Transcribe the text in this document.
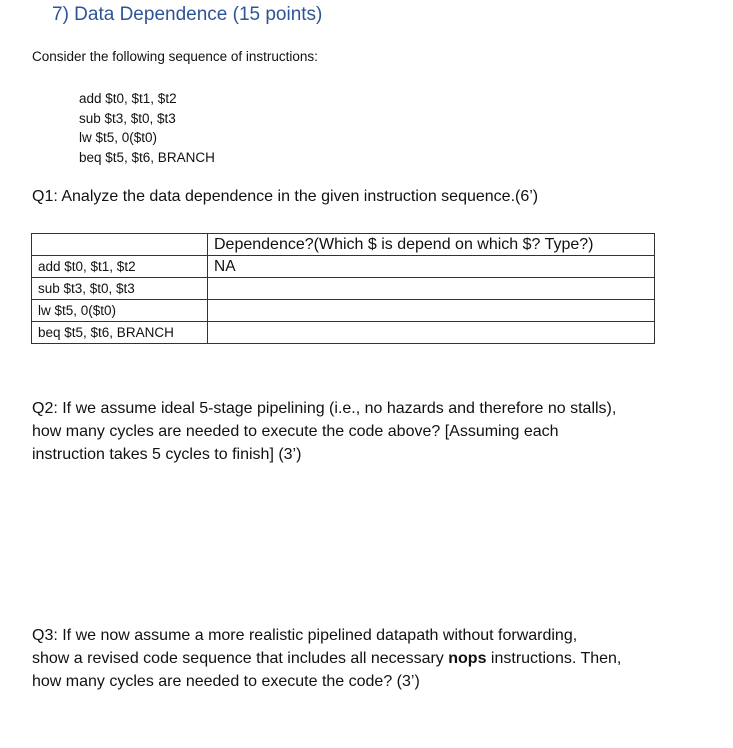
7) Data Dependence (15 points)
Consider the following sequence of instructions:
add $t0, $t1, $t2
sub $t3, $t0, $t3
lw $t5, 0($t0)
beq $t5, $t6, BRANCH
Q1: Analyze the data dependence in the given instruction sequence.(6’)
	Dependence?(Which $ is depend on which $? Type?)
add $t0, $t1, $t2	NA
sub $t3, $t0, $t3	
lw $t5, 0($t0)	
beq $t5, $t6, BRANCH	
Q2: If we assume ideal 5-stage pipelining (i.e., no hazards and therefore no stalls),
how many cycles are needed to execute the code above? [Assuming each
instruction takes 5 cycles to finish] (3’)
Q3: If we now assume a more realistic pipelined datapath without forwarding,
show a revised code sequence that includes all necessary nops instructions. Then,
how many cycles are needed to execute the code? (3’)
